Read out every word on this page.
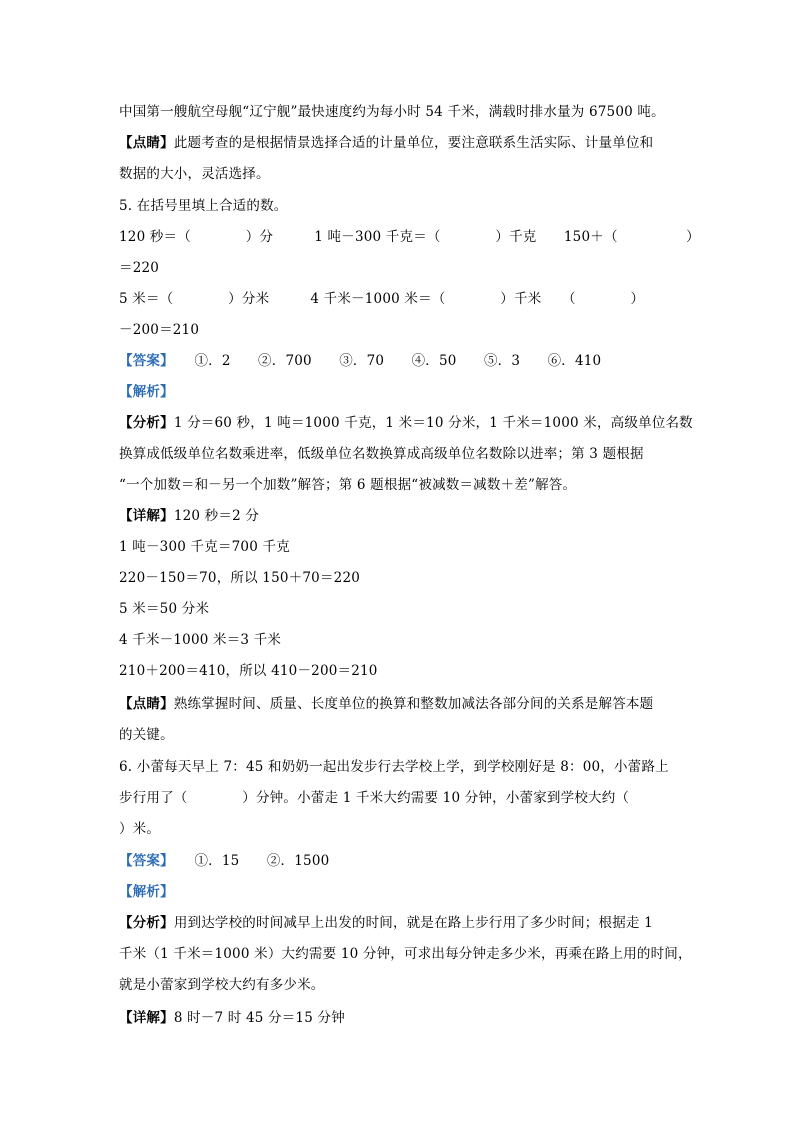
中国第一艘航空母舰“辽宁舰”最快速度约为每小时 54 千米，满载时排水量为 67500 吨。
【点睛】此题考查的是根据情景选择合适的计量单位，要注意联系生活实际、计量单位和
数据的大小，灵活选择。
5. 在括号里填上合适的数。
120 秒＝（　　　　）分　　　1 吨－300 千克＝（　　　　）千克　　150＋（　　　　　）
＝220
5 米＝（　　　　）分米　　　4 千米－1000 米＝（　　　　）千米　　（　　　　）
－200＝210
【答案】　　 ①．2　　②．700　　③．70　　④．50　　⑤．3　　⑥．410
【解析】
【分析】1 分＝60 秒，1 吨＝1000 千克，1 米＝10 分米，1 千米＝1000 米，高级单位名数
换算成低级单位名数乘进率，低级单位名数换算成高级单位名数除以进率；第 3 题根据
“一个加数＝和－另一个加数”解答；第 6 题根据“被减数＝减数＋差”解答。
【详解】120 秒＝2 分
1 吨－300 千克＝700 千克
220－150＝70，所以 150＋70＝220
5 米＝50 分米
4 千米－1000 米＝3 千米
210＋200＝410，所以 410－200＝210
【点睛】熟练掌握时间、质量、长度单位的换算和整数加减法各部分间的关系是解答本题
的关键。
6. 小蕾每天早上 7：45 和奶奶一起出发步行去学校上学，到学校刚好是 8：00，小蕾路上
步行用了（　　　　）分钟。小蕾走 1 千米大约需要 10 分钟，小蕾家到学校大约（
）米。
【答案】　　 ①．15　　②．1500
【解析】
【分析】用到达学校的时间减早上出发的时间，就是在路上步行用了多少时间；根据走 1
千米（1 千米＝1000 米）大约需要 10 分钟，可求出每分钟走多少米，再乘在路上用的时间，
就是小蕾家到学校大约有多少米。
【详解】8 时－7 时 45 分＝15 分钟
